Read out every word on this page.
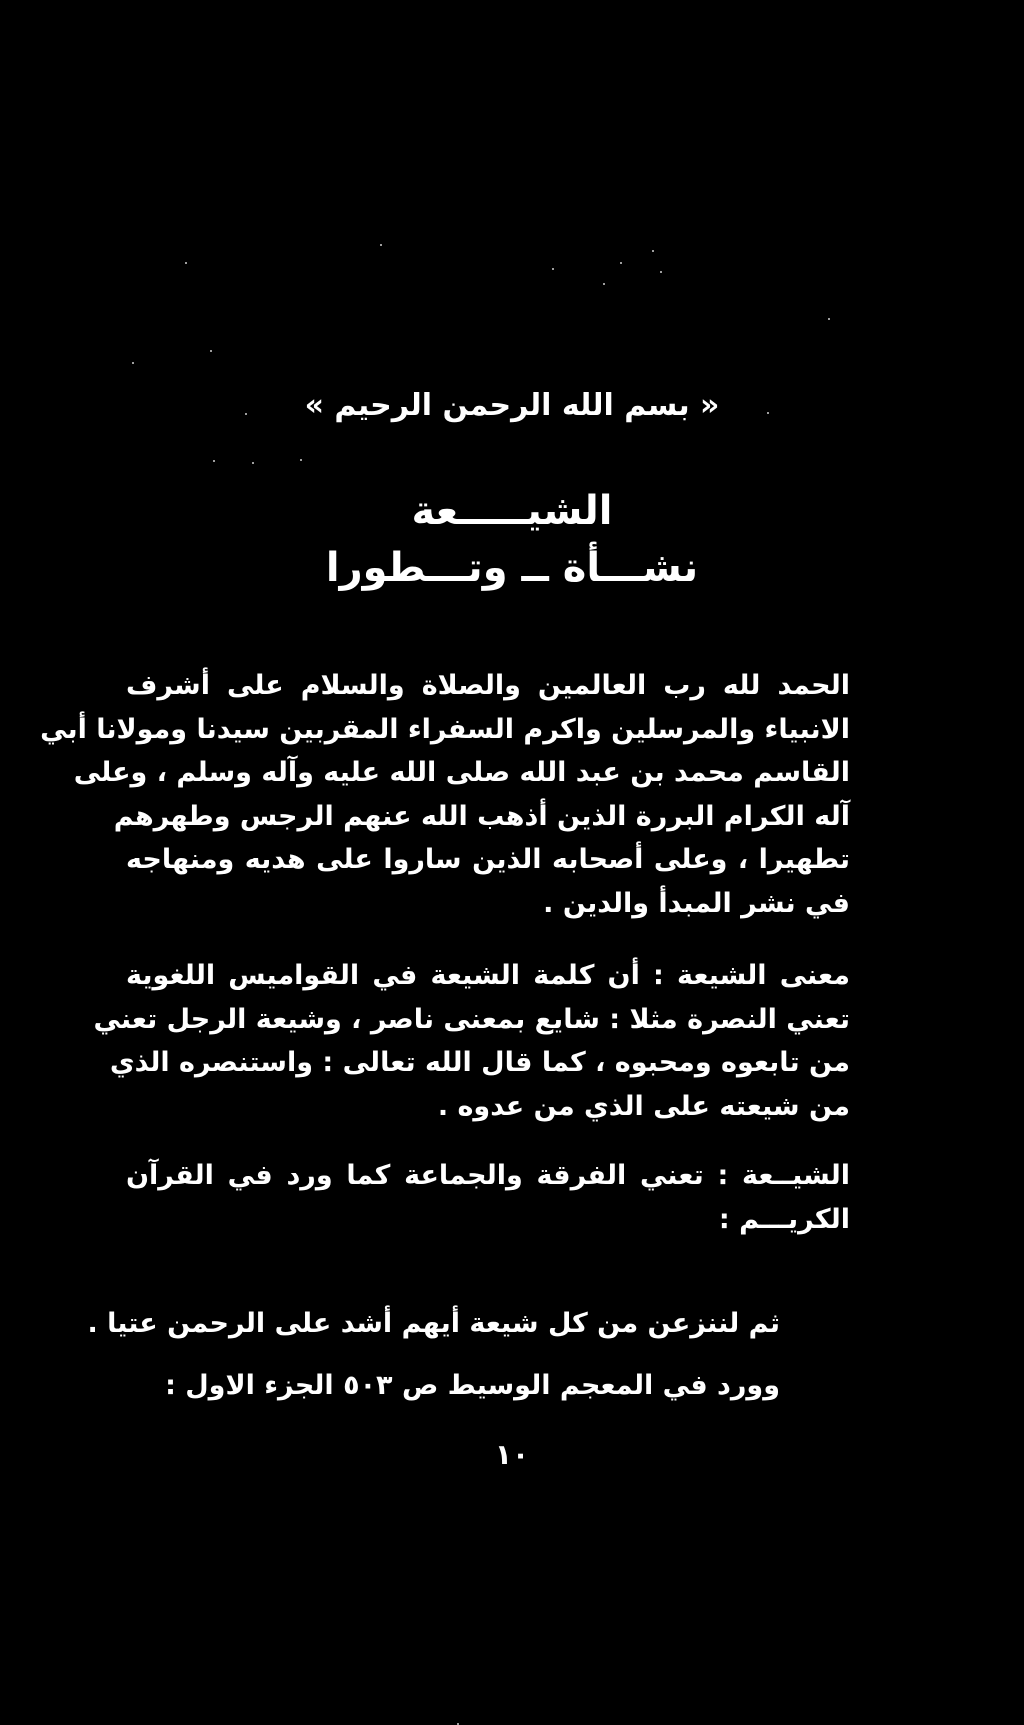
« بسم الله الرحمن الرحيم »
الشيـــــعة
نشـــأة ــ وتـــطورا
الحمد لله رب العالمين والصلاة والسلام على أشرف
الانبياء والمرسلين واكرم السفراء المقربين سيدنا ومولانا أبي
القاسم محمد بن عبد الله صلى الله عليه وآله وسلم ، وعلى
آله الكرام البررة الذين أذهب الله عنهم الرجس وطهرهم
تطهيرا ، وعلى أصحابه الذين ساروا على هديه ومنهاجه
في نشر المبدأ والدين .
معنى الشيعة : أن كلمة الشيعة في القواميس اللغوية
تعني النصرة مثلا : شايع بمعنى ناصر ، وشيعة الرجل تعني
من تابعوه ومحبوه ، كما قال الله تعالى : واستنصره الذي
من شيعته على الذي من عدوه .
الشيــعة : تعني الفرقة والجماعة كما ورد في القرآن
الكريـــم :
ثم لننزعن من كل شيعة أيهم أشد على الرحمن عتيا .
وورد في المعجم الوسيط ص ٥٠٣ الجزء الاول :
١٠
